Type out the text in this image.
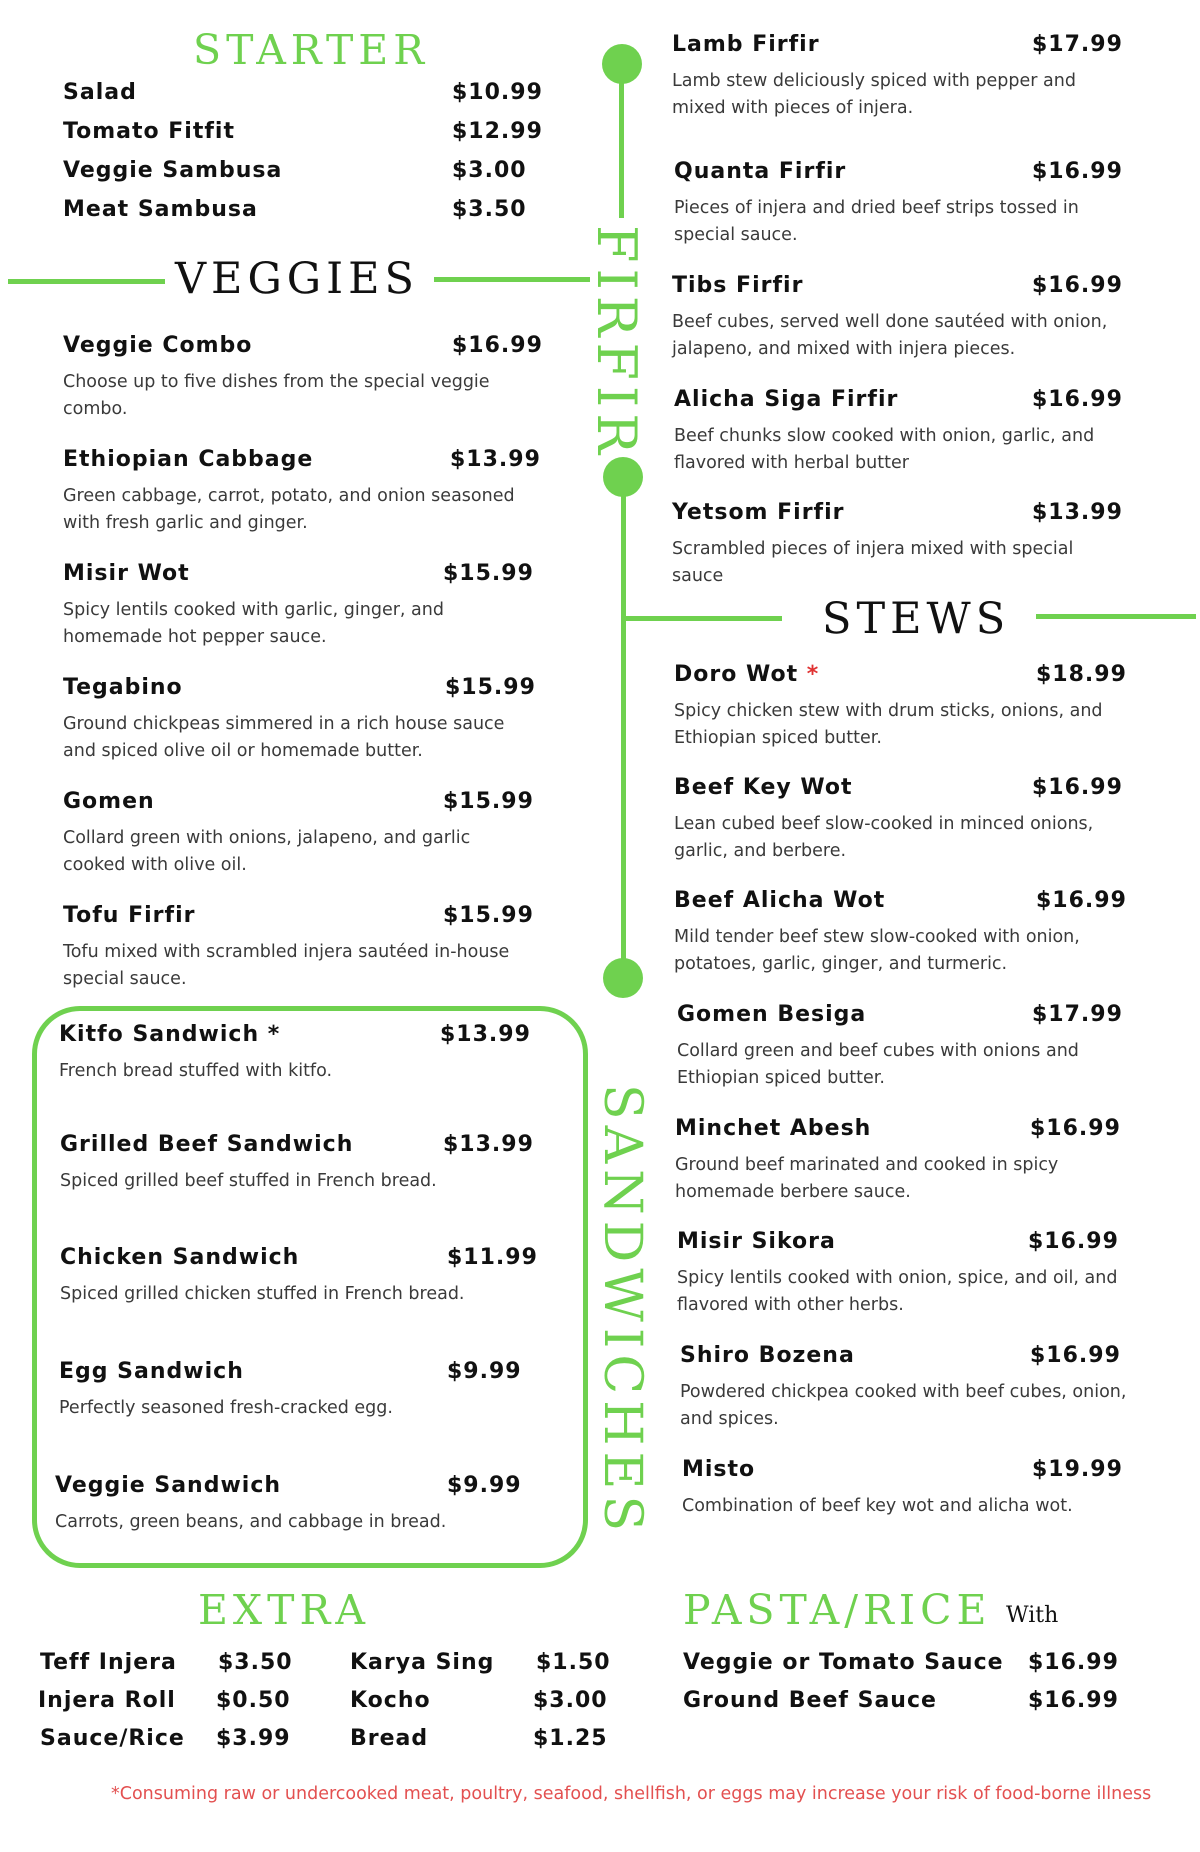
FIRFIR
SANDWICHES
STARTER
Salad	$10.99
Tomato Fitfit	$12.99
Veggie Sambusa	$3.00
Meat Sambusa	$3.50
VEGGIES
Veggie Combo	$16.99
Choose up to five dishes from the special veggie combo.
Ethiopian Cabbage	$13.99
Green cabbage, carrot, potato, and onion seasoned with fresh garlic and ginger.
Misir Wot	$15.99
Spicy lentils cooked with garlic, ginger, and homemade hot pepper sauce.
Tegabino	$15.99
Ground chickpeas simmered in a rich house sauce and spiced olive oil or homemade butter.
Gomen	$15.99
Collard green with onions, jalapeno, and garlic cooked with olive oil.
Tofu Firfir	$15.99
Tofu mixed with scrambled injera sautéed in-house special sauce.
Kitfo Sandwich *	$13.99
French bread stuffed with kitfo.
Grilled Beef Sandwich	$13.99
Spiced grilled beef stuffed in French bread.
Chicken Sandwich	$11.99
Spiced grilled chicken stuffed in French bread.
Egg Sandwich	$9.99
Perfectly seasoned fresh-cracked egg.
Veggie Sandwich	$9.99
Carrots, green beans, and cabbage in bread.
Lamb Firfir	$17.99
Lamb stew deliciously spiced with pepper and mixed with pieces of injera.
Quanta Firfir	$16.99
Pieces of injera and dried beef strips tossed in special sauce.
Tibs Firfir	$16.99
Beef cubes, served well done sautéed with onion, jalapeno, and mixed with injera pieces.
Alicha Siga Firfir	$16.99
Beef chunks slow cooked with onion, garlic, and flavored with herbal butter
Yetsom Firfir	$13.99
Scrambled pieces of injera mixed with special sauce
STEWS
Doro Wot *	$18.99
Spicy chicken stew with drum sticks, onions, and Ethiopian spiced butter.
Beef Key Wot	$16.99
Lean cubed beef slow-cooked in minced onions, garlic, and berbere.
Beef Alicha Wot	$16.99
Mild tender beef stew slow-cooked with onion, potatoes, garlic, ginger, and turmeric.
Gomen Besiga	$17.99
Collard green and beef cubes with onions and Ethiopian spiced butter.
Minchet Abesh	$16.99
Ground beef marinated and cooked in spicy homemade berbere sauce.
Misir Sikora	$16.99
Spicy lentils cooked with onion, spice, and oil, and flavored with other herbs.
Shiro Bozena	$16.99
Powdered chickpea cooked with beef cubes, onion, and spices.
Misto	$19.99
Combination of beef key wot and alicha wot.
EXTRA
Teff Injera $3.50
Injera Roll $0.50
Sauce/Rice $3.99
Karya Sing $1.50
Kocho	$3.00
Bread	$1.25
PASTA/RICE With
Veggie or Tomato Sauce $16.99
Ground Beef Sauce	$16.99
*Consuming raw or undercooked meat, poultry, seafood, shellfish, or eggs may increase your risk of food-borne illness
